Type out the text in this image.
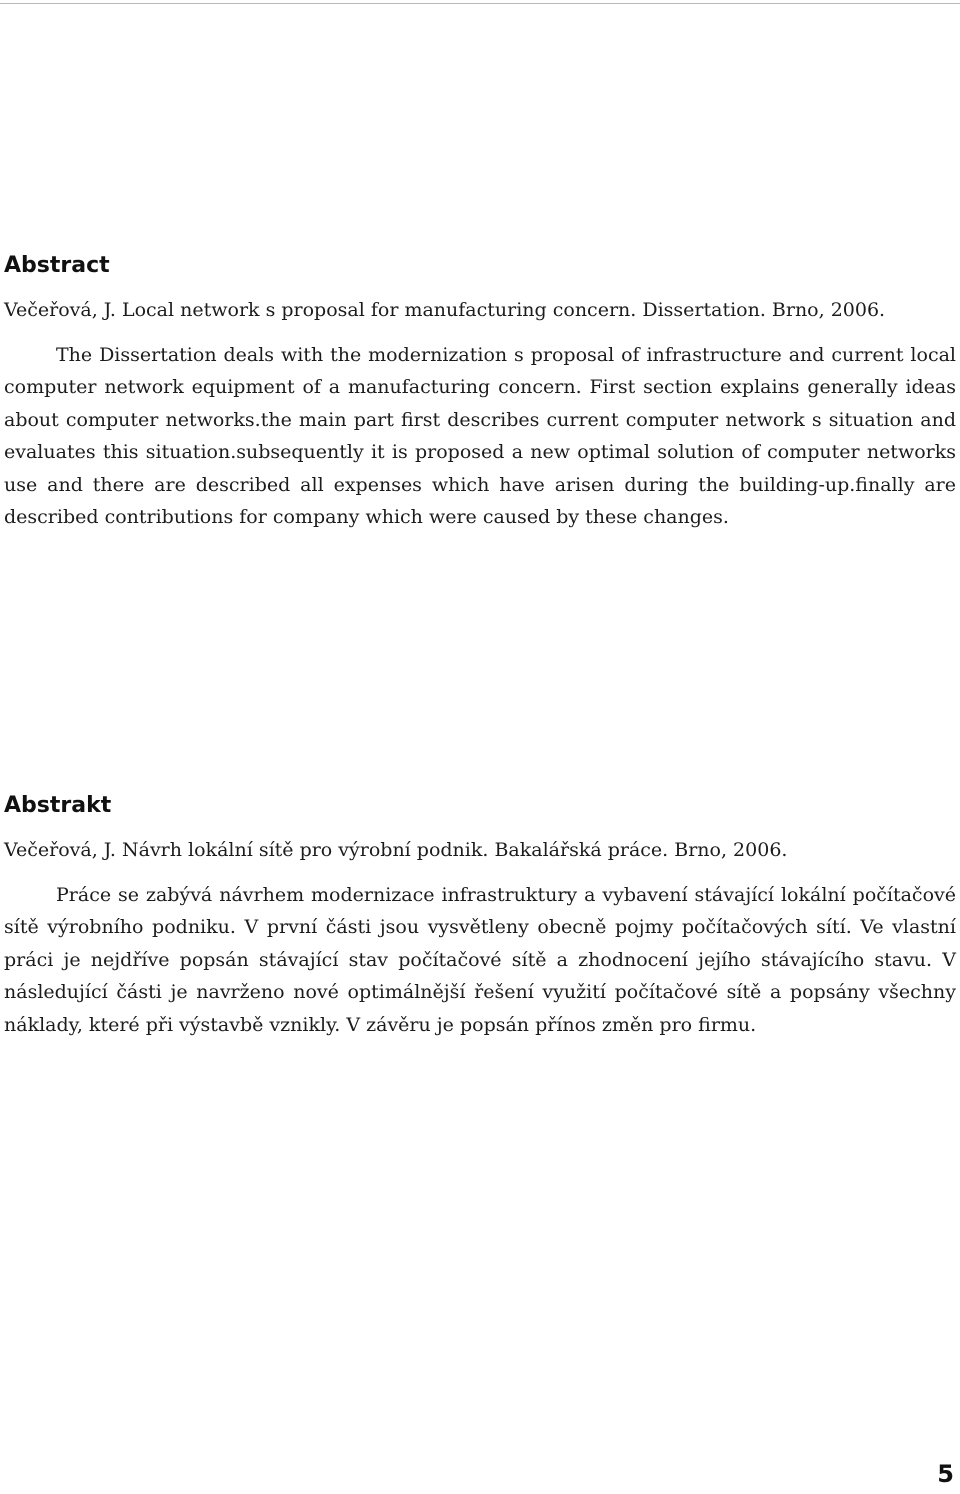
Abstract

Večeřová, J. Local network s proposal for manufacturing concern. Dissertation. Brno, 2006.

The Dissertation deals with the modernization s proposal of infrastructure and current local computer network equipment of a manufacturing concern. First section explains generally ideas about computer networks.the main part first describes current computer network s situation and evaluates this situation.subsequently it is proposed a new optimal solution of computer networks use and there are described all expenses which have arisen during the building-up.finally are described contributions for company which were caused by these changes.

Abstrakt

Večeřová, J. Návrh lokální sítě pro výrobní podnik. Bakalářská práce. Brno, 2006.

Práce se zabývá návrhem modernizace infrastruktury a vybavení stávající lokální počítačové sítě výrobního podniku. V první části jsou vysvětleny obecně pojmy počítačových sítí. Ve vlastní práci je nejdříve popsán stávající stav počítačové sítě a zhodnocení jejího stávajícího stavu. V následující části je navrženo nové optimálnější řešení využití počítačové sítě a popsány všechny náklady, které při výstavbě vznikly. V závěru je popsán přínos změn pro firmu.

5
